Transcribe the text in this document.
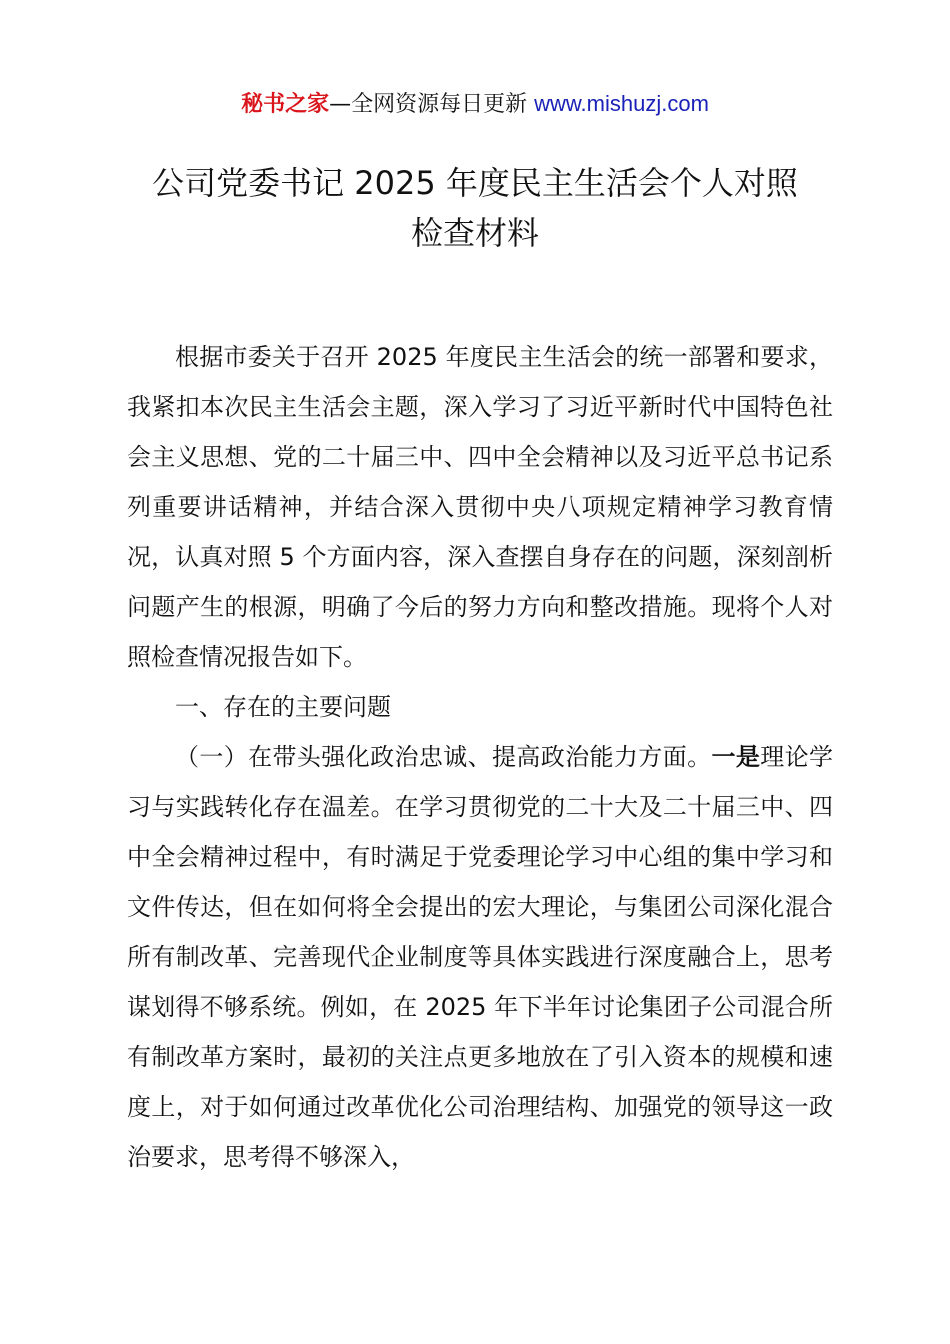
秘书之家—全网资源每日更新 www.mishuzj.com
公司党委书记 2025 年度民主生活会个人对照
检查材料

根据市委关于召开 2025 年度民主生活会的统一部署和要求，我紧扣本次民主生活会主题，深入学习了习近平新时代中国特色社会主义思想、党的二十届三中、四中全会精神以及习近平总书记系列重要讲话精神，并结合深入贯彻中央八项规定精神学习教育情况，认真对照 5 个方面内容，深入查摆自身存在的问题，深刻剖析问题产生的根源，明确了今后的努力方向和整改措施。现将个人对照检查情况报告如下。

一、存在的主要问题

（一）在带头强化政治忠诚、提高政治能力方面。一是理论学习与实践转化存在温差。在学习贯彻党的二十大及二十届三中、四中全会精神过程中，有时满足于党委理论学习中心组的集中学习和文件传达，但在如何将全会提出的宏大理论，与集团公司深化混合所有制改革、完善现代企业制度等具体实践进行深度融合上，思考谋划得不够系统。例如，在 2025 年下半年讨论集团子公司混合所有制改革方案时，最初的关注点更多地放在了引入资本的规模和速度上，对于如何通过改革优化公司治理结构、加强党的领导这一政治要求，思考得不够深入，
